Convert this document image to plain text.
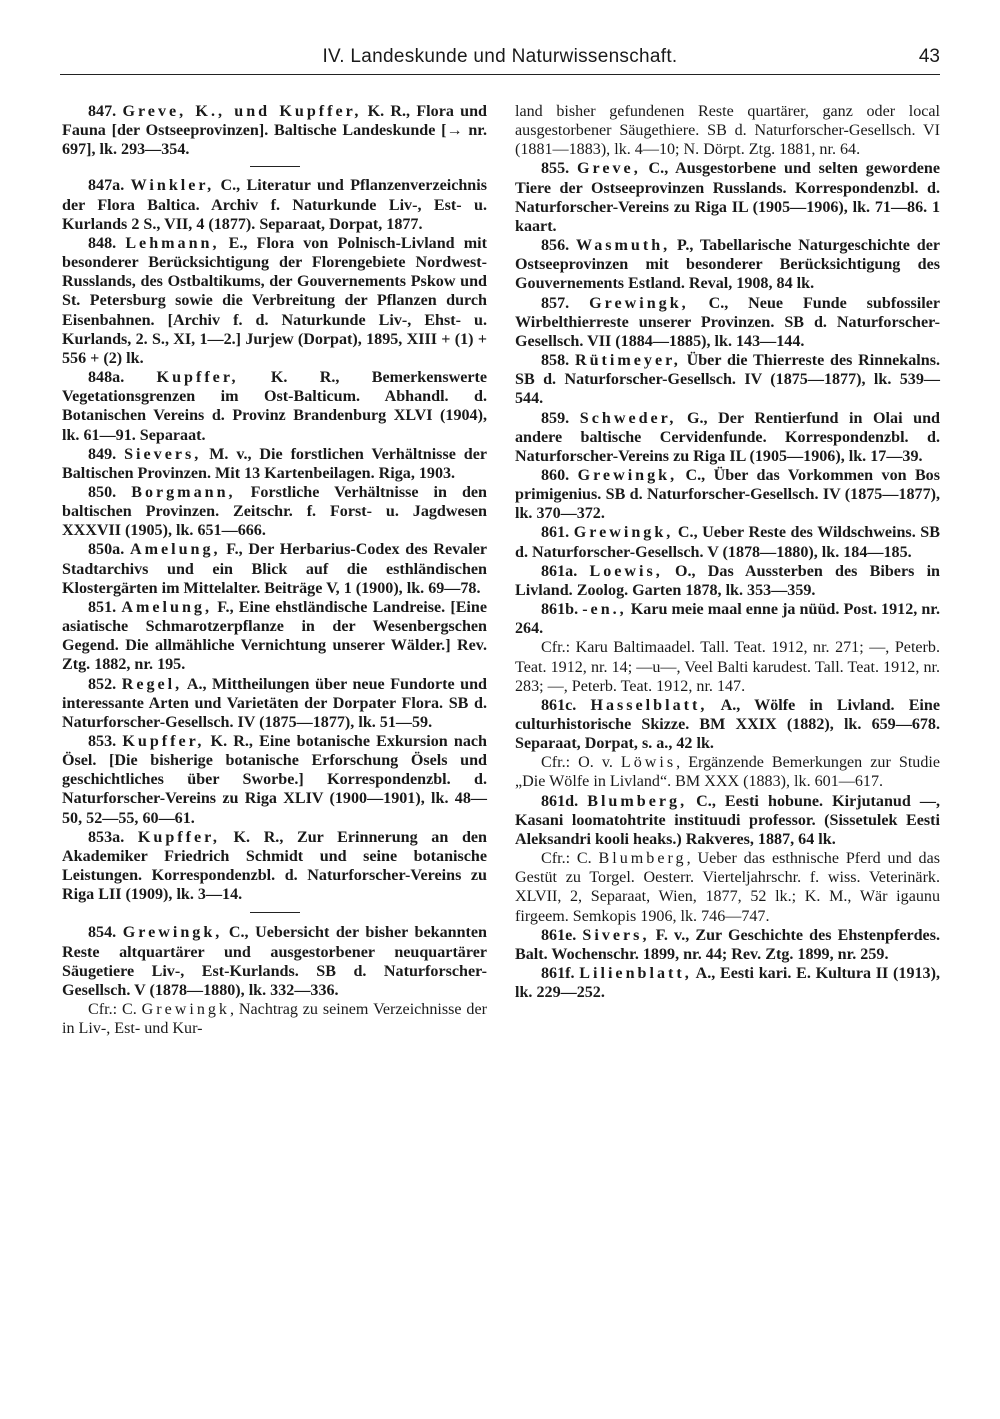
IV. Landeskunde und Naturwissenschaft.	43

847. Greve, K., und Kupffer, K. R., Flora und Fauna [der Ostseeprovinzen]. Baltische Landeskunde [→ nr. 697], lk. 293—354.

847a. Winkler, C., Literatur und Pflanzenverzeichnis der Flora Baltica. Archiv f. Naturkunde Liv-, Est- u. Kurlands 2 S., VII, 4 (1877). Separaat, Dorpat, 1877.

848. Lehmann, E., Flora von Polnisch-Livland mit besonderer Berücksichtigung der Florengebiete Nordwest-Russlands, des Ostbaltikums, der Gouvernements Pskow und St. Petersburg sowie die Verbreitung der Pflanzen durch Eisenbahnen. [Archiv f. d. Naturkunde Liv-, Ehst- u. Kurlands, 2. S., XI, 1—2.] Jurjew (Dorpat), 1895, XIII + (1) + 556 + (2) lk.

848a. Kupffer, K. R., Bemerkenswerte Vegetationsgrenzen im Ost-Balticum. Abhandl. d. Botanischen Vereins d. Provinz Brandenburg XLVI (1904), lk. 61—91. Separaat.

849. Sievers, M. v., Die forstlichen Verhältnisse der Baltischen Provinzen. Mit 13 Kartenbeilagen. Riga, 1903.

850. Borgmann, Forstliche Verhältnisse in den baltischen Provinzen. Zeitschr. f. Forst- u. Jagdwesen XXXVII (1905), lk. 651—666.

850a. Amelung, F., Der Herbarius-Codex des Revaler Stadtarchivs und ein Blick auf die esthländischen Klostergärten im Mittelalter. Beiträge V, 1 (1900), lk. 69—78.

851. Amelung, F., Eine ehstländische Landreise. [Eine asiatische Schmarotzerpflanze in der Wesenbergschen Gegend. Die allmähliche Vernichtung unserer Wälder.] Rev. Ztg. 1882, nr. 195.

852. Regel, A., Mittheilungen über neue Fundorte und interessante Arten und Varietäten der Dorpater Flora. SB d. Naturforscher-Gesellsch. IV (1875—1877), lk. 51—59.

853. Kupffer, K. R., Eine botanische Exkursion nach Ösel. [Die bisherige botanische Erforschung Ösels und geschichtliches über Sworbe.] Korrespondenzbl. d. Naturforscher-Vereins zu Riga XLIV (1900—1901), lk. 48—50, 52—55, 60—61.

853a. Kupffer, K. R., Zur Erinnerung an den Akademiker Friedrich Schmidt und seine botanische Leistungen. Korrespondenzbl. d. Naturforscher-Vereins zu Riga LII (1909), lk. 3—14.

854. Grewingk, C., Uebersicht der bisher bekannten Reste altquartärer und ausgestorbener neuquartärer Säugetiere Liv-, Est-Kurlands. SB d. Naturforscher-Gesellsch. V (1878—1880), lk. 332—336.

Cfr.: C. Grewingk, Nachtrag zu seinem Verzeichnisse der in Liv-, Est- und Kur-

land bisher gefundenen Reste quartärer, ganz oder local ausgestorbener Säugethiere. SB d. Naturforscher-Gesellsch. VI (1881—1883), lk. 4—10; N. Dörpt. Ztg. 1881, nr. 64.

855. Greve, C., Ausgestorbene und selten gewordene Tiere der Ostseeprovinzen Russlands. Korrespondenzbl. d. Naturforscher-Vereins zu Riga IL (1905—1906), lk. 71—86. 1 kaart.

856. Wasmuth, P., Tabellarische Naturgeschichte der Ostseeprovinzen mit besonderer Berücksichtigung des Gouvernements Estland. Reval, 1908, 84 lk.

857. Grewingk, C., Neue Funde subfossiler Wirbelthierreste unserer Provinzen. SB d. Naturforscher-Gesellsch. VII (1884—1885), lk. 143—144.

858. Rütimeyer, Über die Thierreste des Rinnekalns. SB d. Naturforscher-Gesellsch. IV (1875—1877), lk. 539—544.

859. Schweder, G., Der Rentierfund in Olai und andere baltische Cervidenfunde. Korrespondenzbl. d. Naturforscher-Vereins zu Riga IL (1905—1906), lk. 17—39.

860. Grewingk, C., Über das Vorkommen von Bos primigenius. SB d. Naturforscher-Gesellsch. IV (1875—1877), lk. 370—372.

861. Grewingk, C., Ueber Reste des Wildschweins. SB d. Naturforscher-Gesellsch. V (1878—1880), lk. 184—185.

861a. Loewis, O., Das Aussterben des Bibers in Livland. Zoolog. Garten 1878, lk. 353—359.

861b. -en., Karu meie maal enne ja nüüd. Post. 1912, nr. 264.

Cfr.: Karu Baltimaadel. Tall. Teat. 1912, nr. 271; —, Peterb. Teat. 1912, nr. 14; —u—, Veel Balti karudest. Tall. Teat. 1912, nr. 283; —, Peterb. Teat. 1912, nr. 147.

861c. Hasselblatt, A., Wölfe in Livland. Eine culturhistorische Skizze. BM XXIX (1882), lk. 659—678. Separaat, Dorpat, s. a., 42 lk.

Cfr.: O. v. Löwis, Ergänzende Bemerkungen zur Studie „Die Wölfe in Livland“. BM XXX (1883), lk. 601—617.

861d. Blumberg, C., Eesti hobune. Kirjutanud —, Kasani loomatohtrite instituudi professor. (Sissetulek Eesti Aleksandri kooli heaks.) Rakveres, 1887, 64 lk.

Cfr.: C. Blumberg, Ueber das esthnische Pferd und das Gestüt zu Torgel. Oesterr. Vierteljahrschr. f. wiss. Veterinärk. XLVII, 2, Separaat, Wien, 1877, 52 lk.; K. M., Wär igaunu firgeem. Semkopis 1906, lk. 746—747.

861e. Sivers, F. v., Zur Geschichte des Ehstenpferdes. Balt. Wochenschr. 1899, nr. 44; Rev. Ztg. 1899, nr. 259.

861f. Lilienblatt, A., Eesti kari. E. Kultura II (1913), lk. 229—252.
